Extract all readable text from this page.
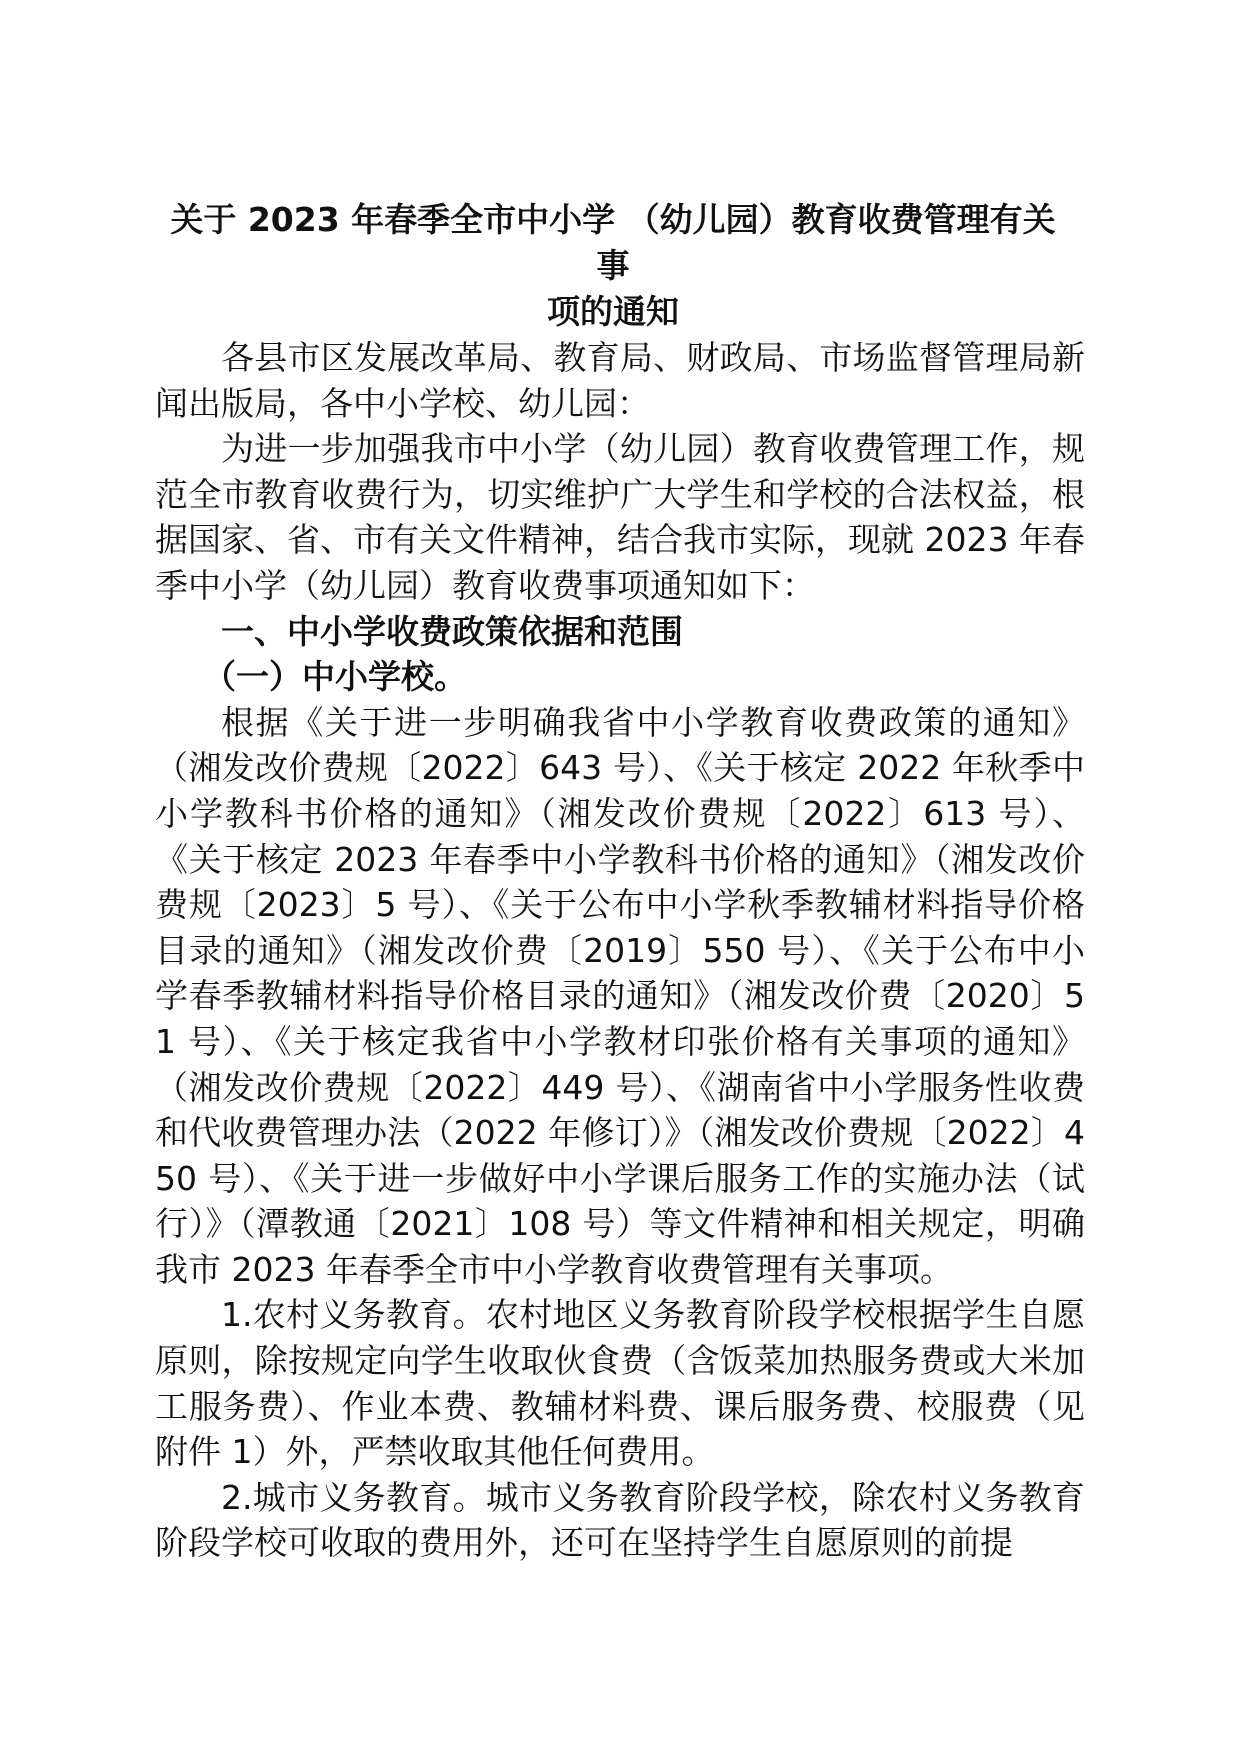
关于 2023 年春季全市中小学 （幼儿园）教育收费管理有关事
项的通知

各县市区发展改革局、教育局、财政局、市场监督管理局新闻出版局，各中小学校、幼儿园：

为进一步加强我市中小学（幼儿园）教育收费管理工作，规范全市教育收费行为，切实维护广大学生和学校的合法权益，根据国家、省、市有关文件精神，结合我市实际，现就 2023 年春季中小学（幼儿园）教育收费事项通知如下：

一、中小学收费政策依据和范围

（一）中小学校。

根据《关于进一步明确我省中小学教育收费政策的通知》（湘发改价费规〔2022〕643 号）、《关于核定 2022 年秋季中小学教科书价格的通知》（湘发改价费规〔2022〕613 号）、《关于核定 2023 年春季中小学教科书价格的通知》（湘发改价费规〔2023〕5 号）、《关于公布中小学秋季教辅材料指导价格目录的通知》（湘发改价费〔2019〕550 号）、《关于公布中小学春季教辅材料指导价格目录的通知》（湘发改价费〔2020〕51 号）、《关于核定我省中小学教材印张价格有关事项的通知》（湘发改价费规〔2022〕449 号）、《湖南省中小学服务性收费和代收费管理办法（2022 年修订）》（湘发改价费规〔2022〕450 号）、《关于进一步做好中小学课后服务工作的实施办法（试行）》（潭教通〔2021〕108 号）等文件精神和相关规定，明确我市 2023 年春季全市中小学教育收费管理有关事项。

1.农村义务教育。农村地区义务教育阶段学校根据学生自愿原则，除按规定向学生收取伙食费（含饭菜加热服务费或大米加工服务费）、作业本费、教辅材料费、课后服务费、校服费（见附件 1）外，严禁收取其他任何费用。

2.城市义务教育。城市义务教育阶段学校，除农村义务教育阶段学校可收取的费用外，还可在坚持学生自愿原则的前提
